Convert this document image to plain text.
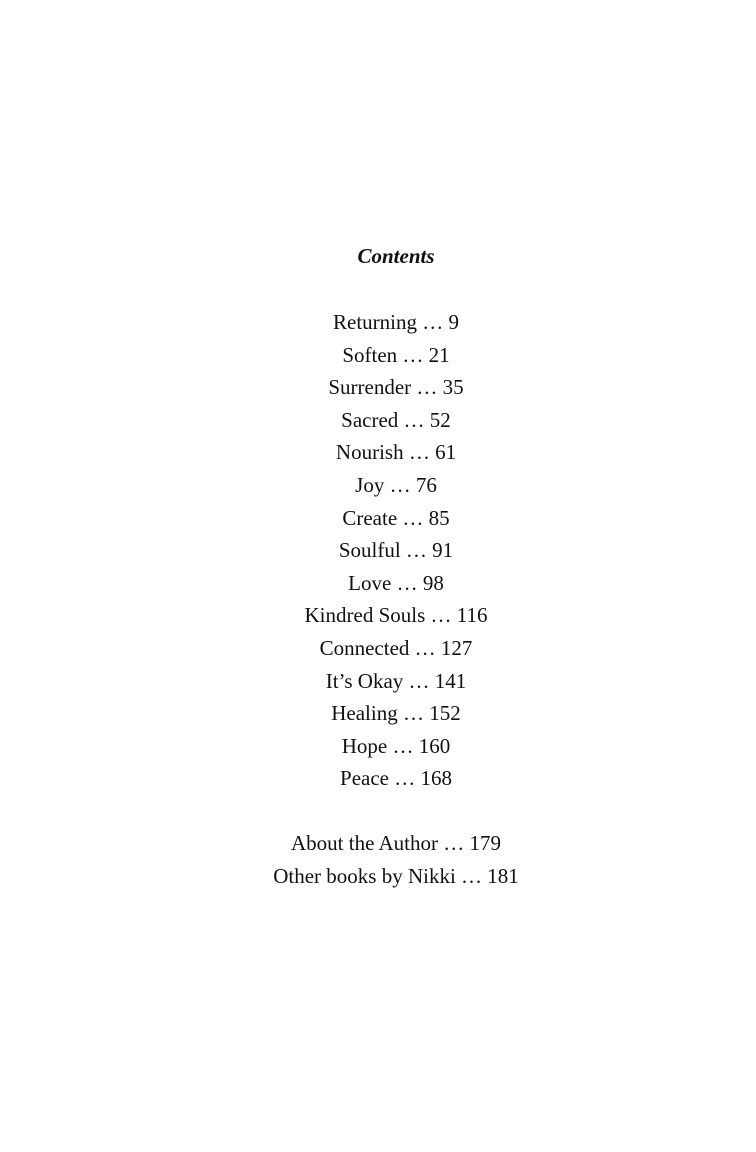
Contents
Returning … 9
Soften … 21
Surrender … 35
Sacred … 52
Nourish … 61
Joy … 76
Create … 85
Soulful … 91
Love … 98
Kindred Souls … 116
Connected … 127
It’s Okay … 141
Healing … 152
Hope … 160
Peace … 168
About the Author … 179
Other books by Nikki … 181
